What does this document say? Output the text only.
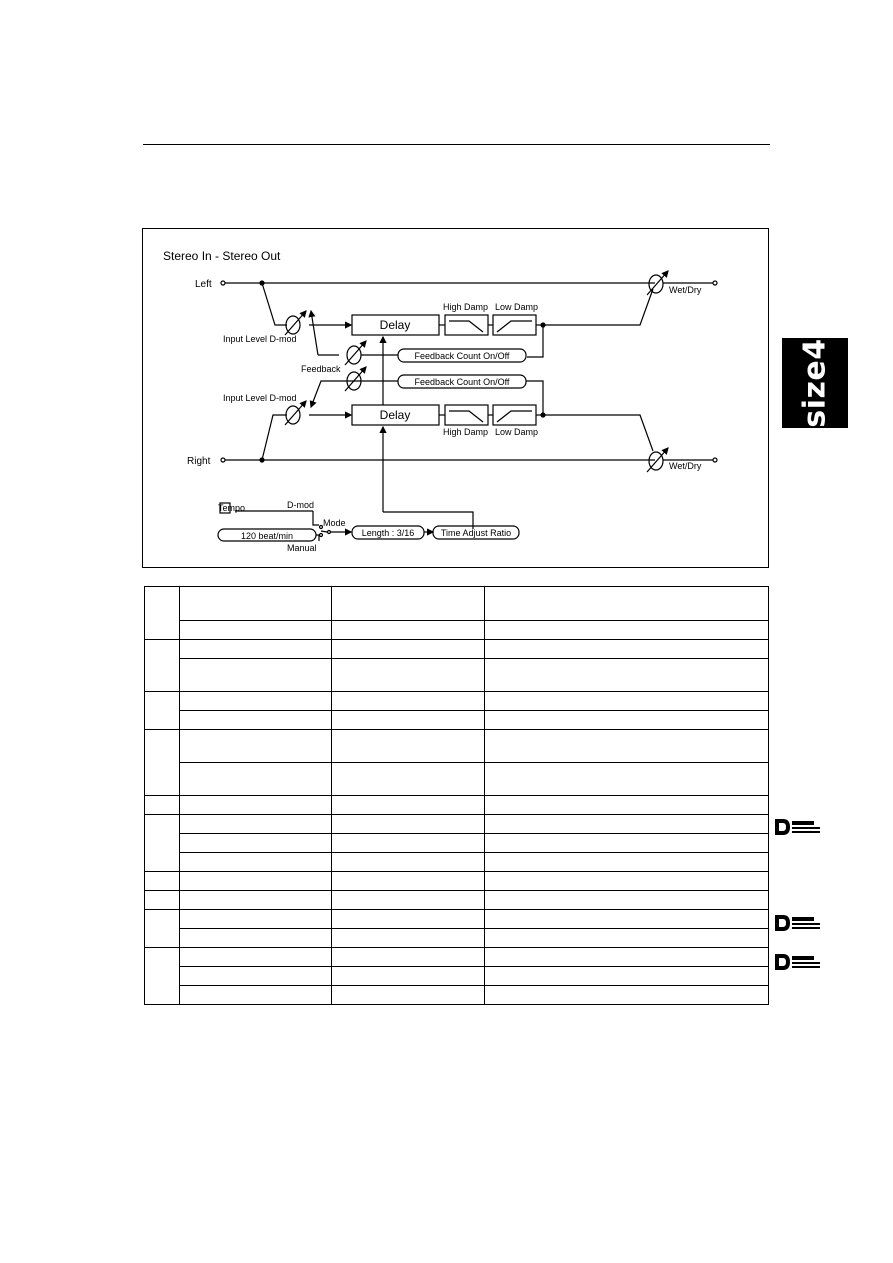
Stereo In - Stereo Out
Left
Right
Input Level D-mod
Input Level D-mod
Feedback
Delay
Delay
High Damp Low Damp
High Damp Low Damp
Feedback Count On/Off
Feedback Count On/Off
Wet/Dry
Wet/Dry
Tempo	D-mod
Mode
Manual
120 beat/min	Length : 3/16	Time Adjust Ratio
size4
